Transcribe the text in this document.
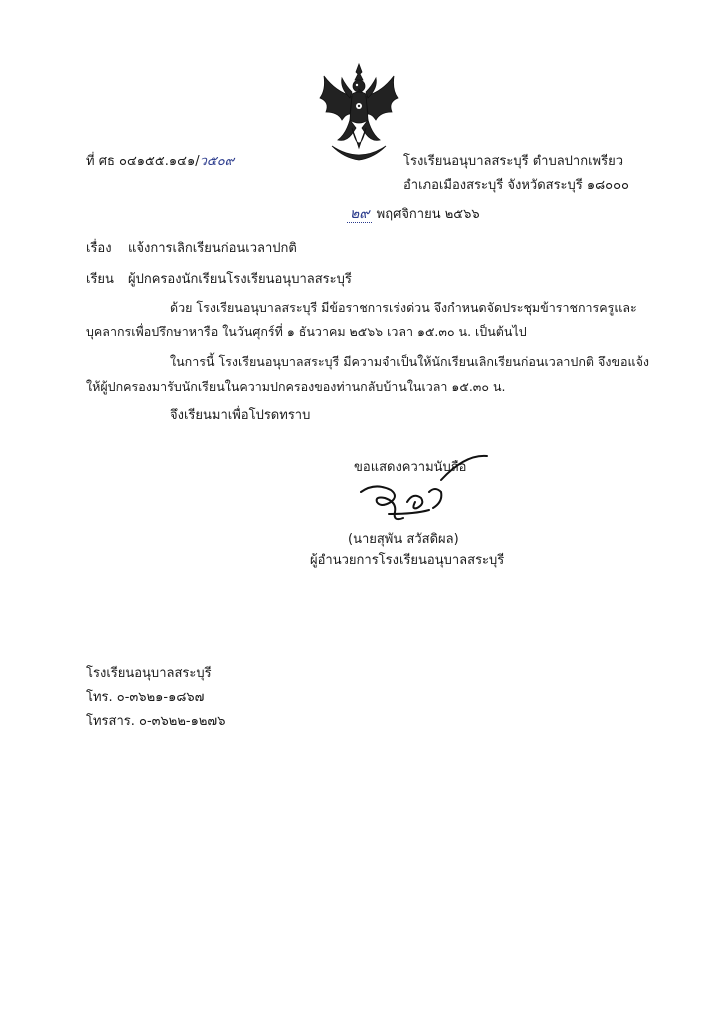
ที่ ศธ ๐๔๑๕๕.๑๔๑/ว๕๐๙	โรงเรียนอนุบาลสระบุรี ตำบลปากเพรียว
อำเภอเมืองสระบุรี จังหวัดสระบุรี ๑๘๐๐๐
๒๙ พฤศจิกายน ๒๕๖๖
เรื่อง แจ้งการเลิกเรียนก่อนเวลาปกติ
เรียน ผู้ปกครองนักเรียนโรงเรียนอนุบาลสระบุรี
ด้วย โรงเรียนอนุบาลสระบุรี มีข้อราชการเร่งด่วน จึงกำหนดจัดประชุมข้าราชการครูและ
บุคลากรเพื่อปรึกษาหารือ ในวันศุกร์ที่ ๑ ธันวาคม ๒๕๖๖ เวลา ๑๕.๓๐ น. เป็นต้นไป
ในการนี้ โรงเรียนอนุบาลสระบุรี มีความจำเป็นให้นักเรียนเลิกเรียนก่อนเวลาปกติ จึงขอแจ้ง
ให้ผู้ปกครองมารับนักเรียนในความปกครองของท่านกลับบ้านในเวลา ๑๕.๓๐ น.
จึงเรียนมาเพื่อโปรดทราบ
ขอแสดงความนับถือ
(นายสุพัน สวัสดิผล)
ผู้อำนวยการโรงเรียนอนุบาลสระบุรี
โรงเรียนอนุบาลสระบุรี
โทร. ๐-๓๖๒๑-๑๘๖๗
โทรสาร. ๐-๓๖๒๒-๑๒๗๖
